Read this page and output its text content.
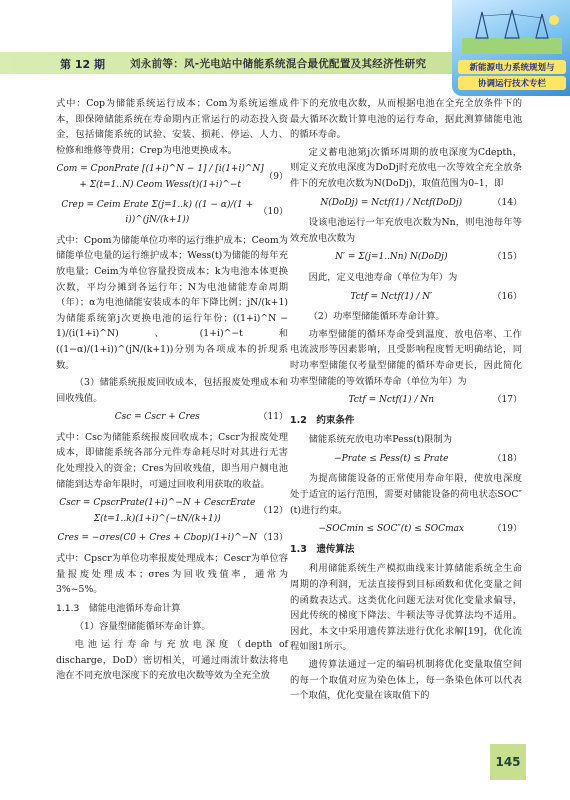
第 12 期 刘永前等：风-光电站中储能系统混合最优配置及其经济性研究	新能源电力系统规划与
协调运行技术专栏

式中：Cop为储能系统运行成本；Com为系统运维成本，即保障储能系统在寿命期内正常运行的动态投入资金，包括储能系统的试验、安装、损耗、停运、人力、检修和维修等费用；Crep为电池更换成本。

Com = CponPrate [(1+i)^N − 1] / [i(1+i)^N] + Σ(t=1..N) Ceom Wess(t)(1+i)^−t
（9）
Crep = Ceim Erate Σ(j=1..k) ((1 − α)/(1 + i))^(jN/(k+1))
（10）

式中：Cpom为储能单位功率的运行维护成本；Ceom为储能单位电量的运行维护成本；Wess(t)为储能的每年充放电量；Ceim为单位容量投资成本；k为电池本体更换次数，平均分摊到各运行年；N为电池储能寿命周期（年）；α为电池储能安装成本的年下降比例；jN/(k+1)为储能系统第j次更换电池的运行年份；((1+i)^N − 1)/(i(1+i)^N)、(1+i)^−t和((1−α)/(1+i))^(jN/(k+1))分别为各项成本的折现系数。

（3）储能系统报废回收成本，包括报废处理成本和回收残值。

Csc = Cscr + Cres	（11）

式中：Csc为储能系统报废回收成本；Cscr为报废处理成本，即储能系统各部分元件寿命耗尽时对其进行无害化处理投入的资金；Cres为回收残值，即当用户侧电池储能到达寿命年限时，可通过回收利用获取的收益。

Cscr = CpscrPrate(1+i)^−N + CescrErate Σ(t=1..k)(1+i)^(−tN/(k+1))
（12）
Cres = −σres(C0 + Cres + Cbop)(1+i)^−N （13）

式中：Cpscr为单位功率报废处理成本；Cescr为单位容量报废处理成本；σres为回收残值率，通常为3%~5%。

1.1.3　储能电池循环寿命计算

（1）容量型储能循环寿命计算。

电池运行寿命与充放电深度（depth of discharge，DoD）密切相关，可通过雨流计数法将电池在不同充放电深度下的充放电次数等效为全充全放

件下的充放电次数，从而根据电池在全充全放条件下的最大循环次数计算电池的运行寿命，据此测算储能电池的循环寿命。

定义蓄电池第j次循环周期的放电深度为Cdepth，则定义充放电深度为DoDj时充放电一次等效全充全放条件下的充放电次数为N(DoDj)，取值范围为0–1，即

N(DoDj) = Nctf(1) / Nctf(DoDj)	（14）

设该电池运行一年充放电次数为Nn，则电池每年等效充放电次数为

N′ = Σ(j=1..Nn) N(DoDj)	（15）

因此，定义电池寿命（单位为年）为

Tctf = Nctf(1) / N′	（16）

（2）功率型储能循环寿命计算。

功率型储能的循环寿命受到温度、放电倍率、工作电流波形等因素影响，且受影响程度暂无明确结论，同时功率型储能仅考量型储能的循环寿命更长，因此简化功率型储能的等效循环寿命（单位为年）为

Tctf = Nctf(1) / Nn	（17）
1.2　约束条件

储能系统充放电功率Pess(t)限制为

−Prate ≤ Pess(t) ≤ Prate	（18）

为提高储能设备的正常使用寿命年限，使放电深度处于适宜的运行范围，需要对储能设备的荷电状态SOC″(t)进行约束。

−SOCmin ≤ SOC″(t) ≤ SOCmax	（19）
1.3　遗传算法

利用储能系统生产模拟曲线来计算储能系统全生命周期的净利润，无法直接得到目标函数和优化变量之间的函数表达式。这类优化问题无法对优化变量求偏导，因此传统的梯度下降法、牛顿法等寻优算法均不适用。因此，本文中采用遗传算法进行优化求解[19]，优化流程如图1所示。

遗传算法通过一定的编码机制将优化变量取值空间的每一个取值对应为染色体上，每一条染色体可以代表一个取值，优化变量在该取值下的

145
